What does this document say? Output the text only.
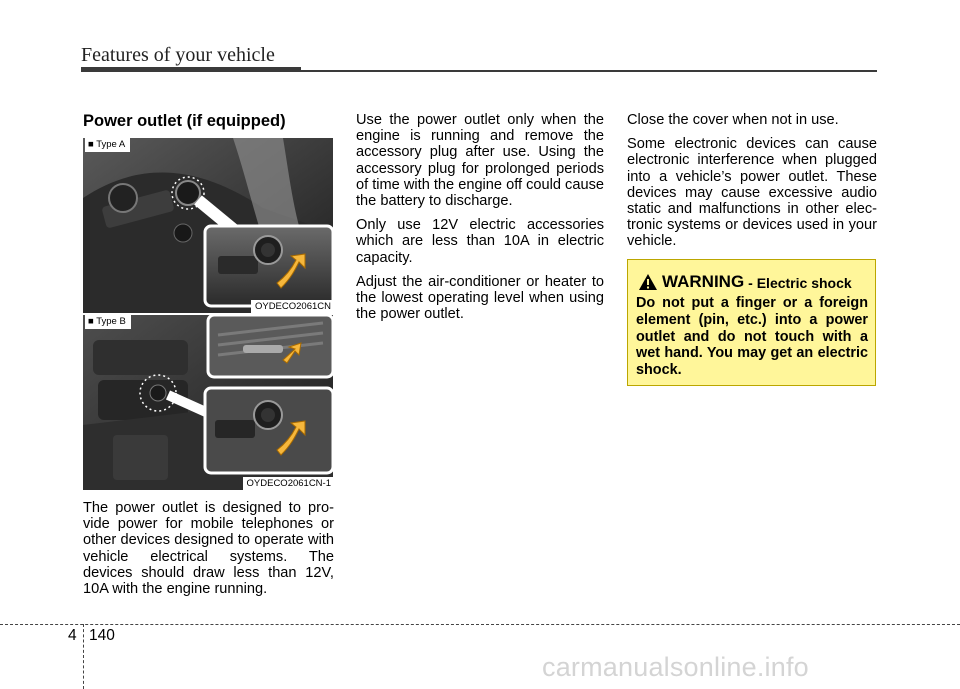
Features of your vehicle
Power outlet (if equipped)
■ Type A
OYDECO2061CN
■ Type B
OYDECO2061CN-1

The power outlet is designed to pro-vide power for mobile telephones or other devices designed to operate with vehicle electrical systems. The devices should draw less than 12V, 10A with the engine running.

Use the power outlet only when the engine is running and remove the accessory plug after use. Using the accessory plug for prolonged periods of time with the engine off could cause the battery to discharge.

Only use 12V electric accessories which are less than 10A in electric capacity.

Adjust the air-conditioner or heater to the lowest operating level when using the power outlet.

Close the cover when not in use.

Some electronic devices can cause electronic interference when plugged into a vehicle’s power outlet. These devices may cause excessive audio static and malfunctions in other elec-tronic systems or devices used in your vehicle.

WARNING - Electric shock
Do not put a finger or a foreign element (pin, etc.) into a power outlet and do not touch with a wet hand. You may get an electric shock.
4 140
carmanualsonline.info
